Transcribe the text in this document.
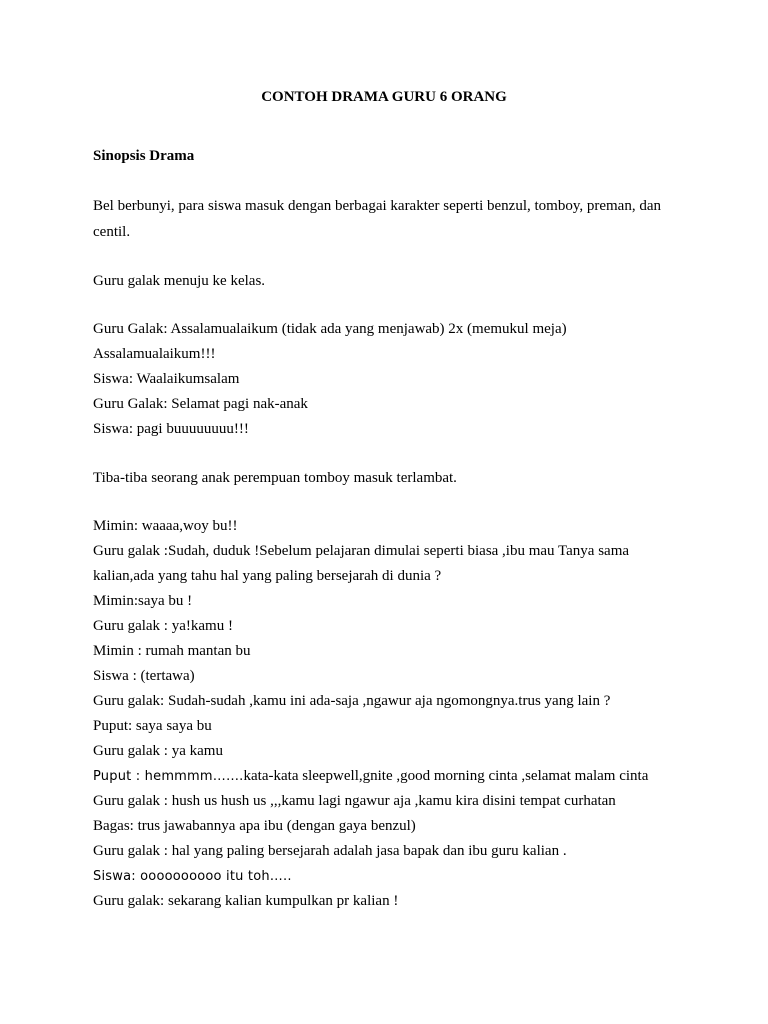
CONTOH DRAMA GURU 6 ORANG
Sinopsis Drama

Bel berbunyi, para siswa masuk dengan berbagai karakter seperti benzul, tomboy, preman, dan centil.

Guru galak menuju ke kelas.

Guru Galak: Assalamualaikum (tidak ada yang menjawab) 2x (memukul meja)
Assalamualaikum!!!
Siswa: Waalaikumsalam
Guru Galak: Selamat pagi nak-anak
Siswa: pagi buuuuuuuu!!!

Tiba-tiba seorang anak perempuan tomboy masuk terlambat.

Mimin: waaaa,woy bu!!
Guru galak :Sudah, duduk !Sebelum pelajaran dimulai seperti biasa ,ibu mau Tanya sama
kalian,ada yang tahu hal yang paling bersejarah di dunia ?
Mimin:saya bu !
Guru galak : ya!kamu !
Mimin : rumah mantan bu
Siswa : (tertawa)
Guru galak: Sudah-sudah ,kamu ini ada-saja ,ngawur aja ngomongnya.trus yang lain ?
Puput: saya saya bu
Guru galak : ya kamu
Puput : hemmmm…….kata-kata sleepwell,gnite ,good morning cinta ,selamat malam cinta
Guru galak : hush us hush us ,,,kamu lagi ngawur aja ,kamu kira disini tempat curhatan
Bagas: trus jawabannya apa ibu (dengan gaya benzul)
Guru galak : hal yang paling bersejarah adalah jasa bapak dan ibu guru kalian .
Siswa: oooooooooo itu toh…..
Guru galak: sekarang kalian kumpulkan pr kalian !
